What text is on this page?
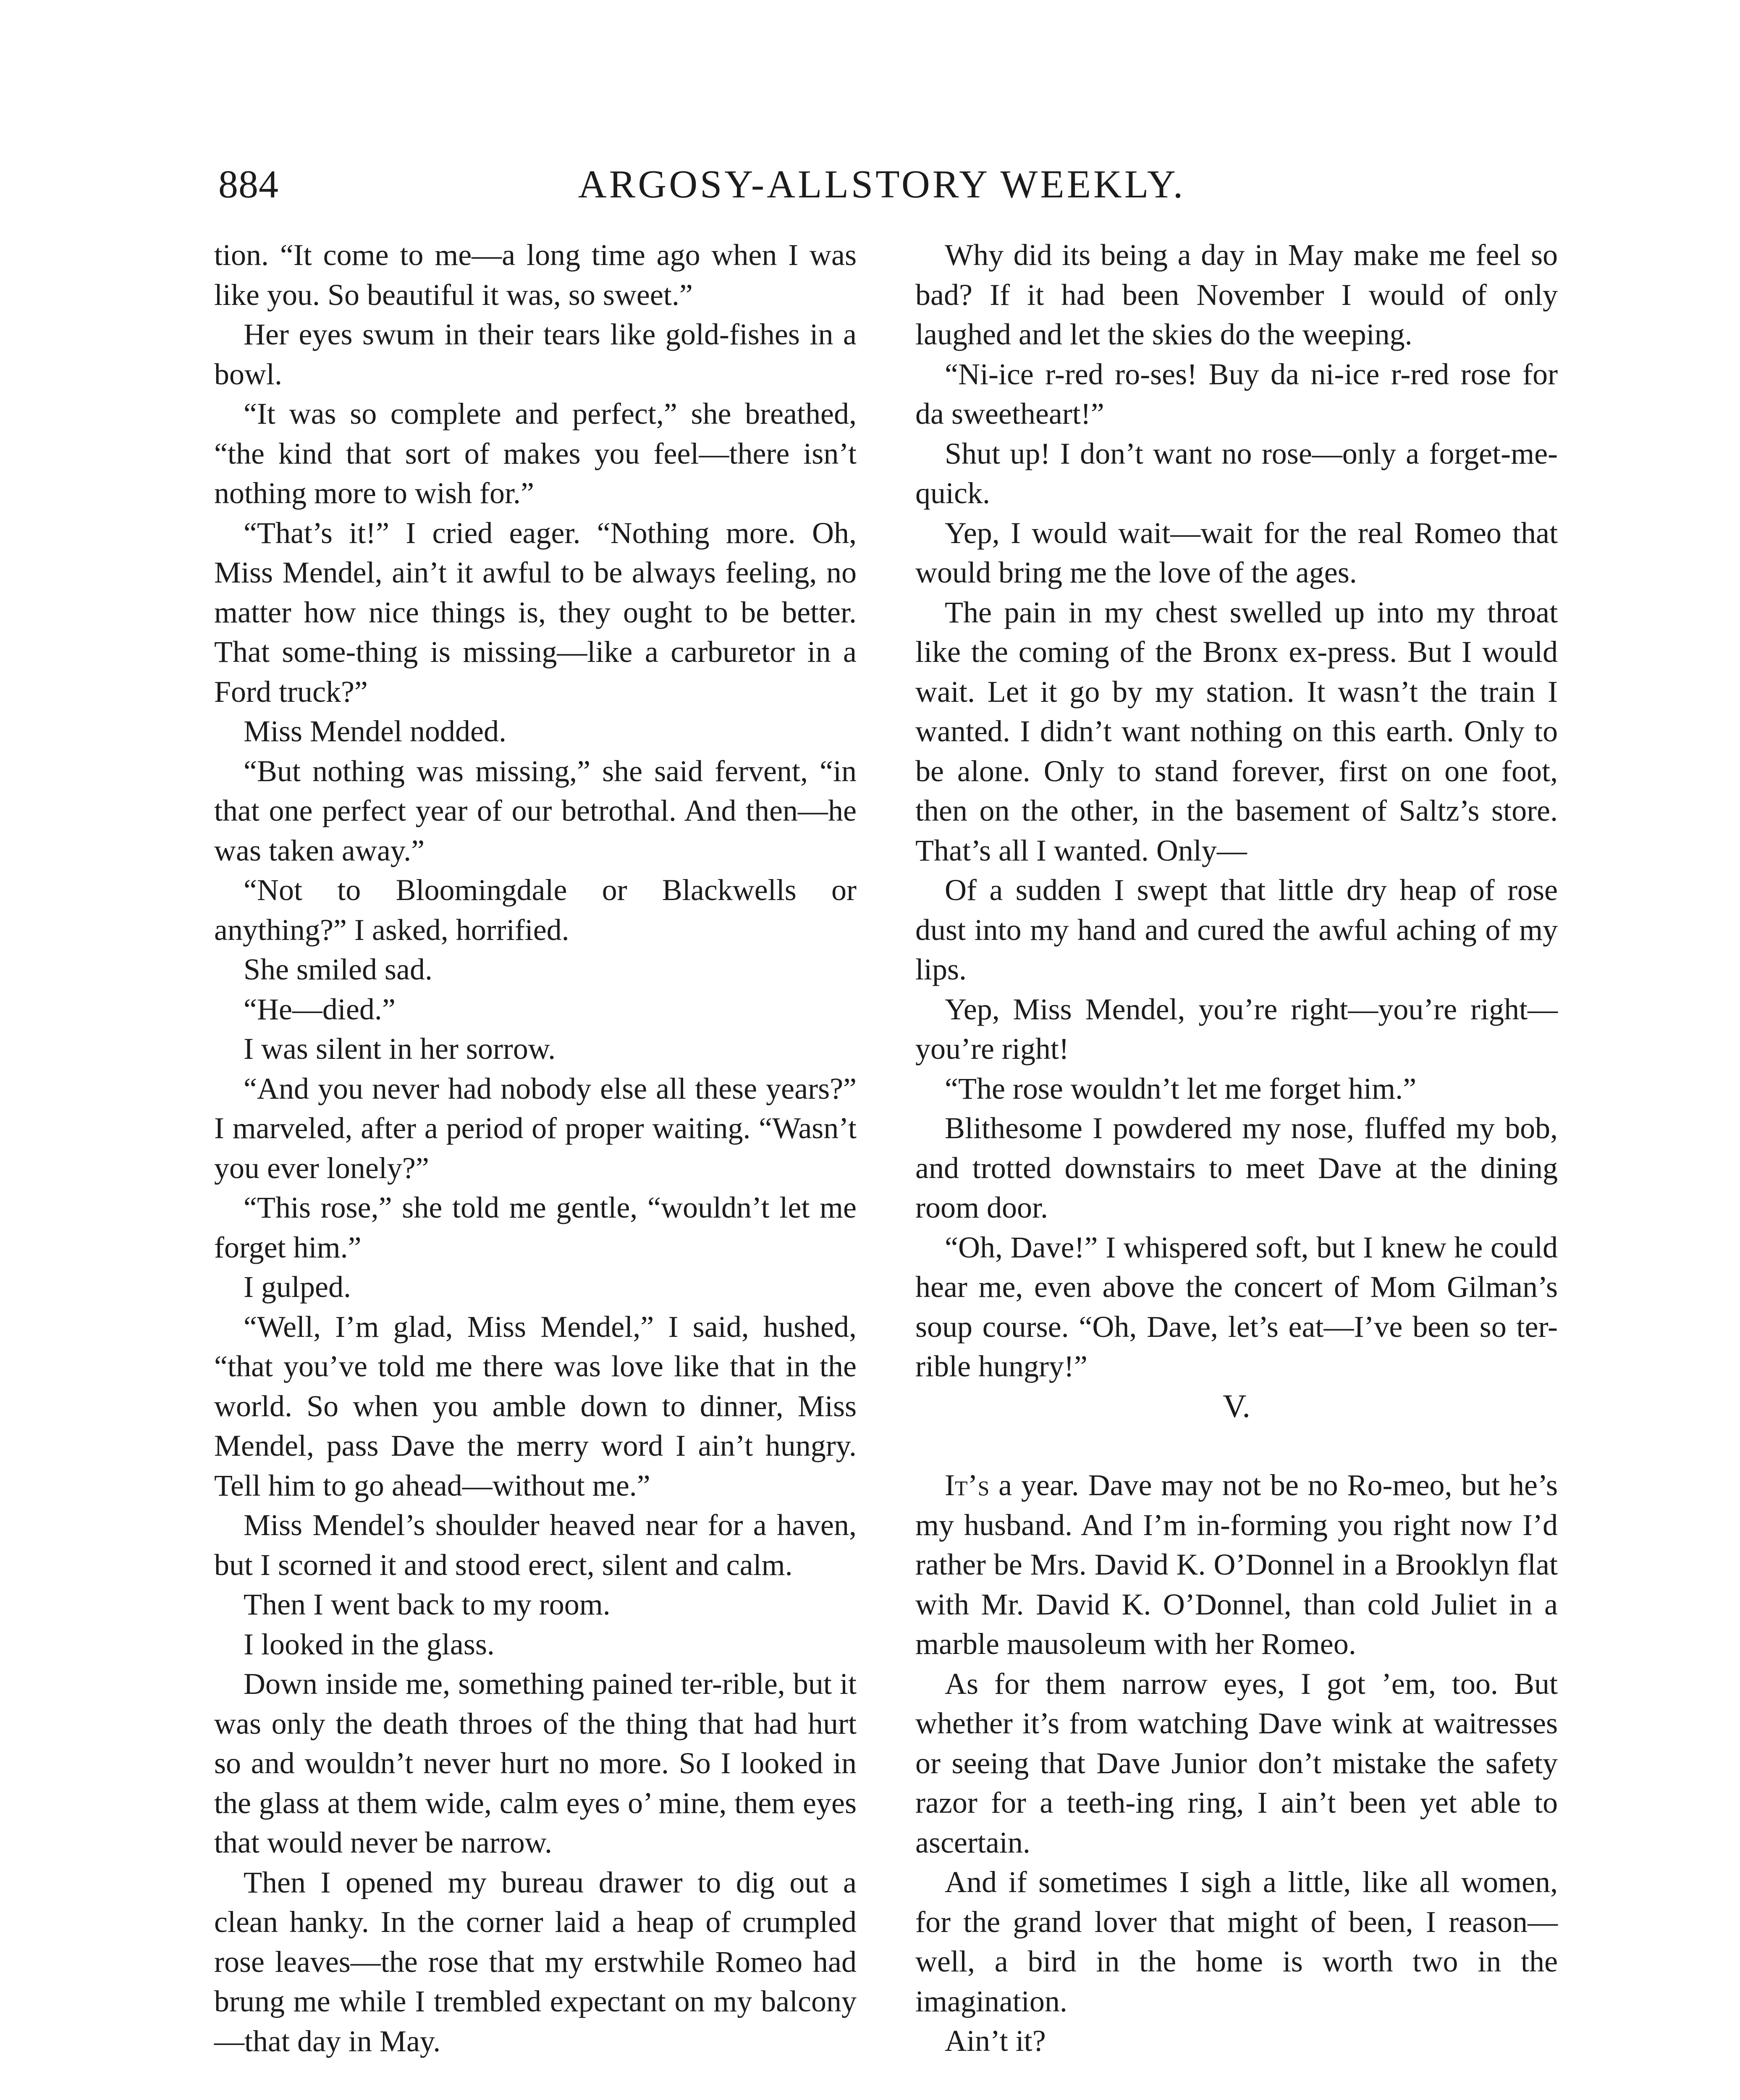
884	ARGOSY-ALLSTORY WEEKLY.

tion. “It come to me—a long time ago when I was like you. So beautiful it was, so sweet.”

Her eyes swum in their tears like gold-fishes in a bowl.

“It was so complete and perfect,” she breathed, “the kind that sort of makes you feel—there isn’t nothing more to wish for.”

“That’s it!” I cried eager. “Nothing more. Oh, Miss Mendel, ain’t it awful to be always feeling, no matter how nice things is, they ought to be better. That some-thing is missing—like a carburetor in a Ford truck?”

Miss Mendel nodded.

“But nothing was missing,” she said fervent, “in that one perfect year of our betrothal. And then—he was taken away.”

“Not to Bloomingdale or Blackwells or anything?” I asked, horrified.

She smiled sad.

“He—died.”

I was silent in her sorrow.

“And you never had nobody else all these years?” I marveled, after a period of proper waiting. “Wasn’t you ever lonely?”

“This rose,” she told me gentle, “wouldn’t let me forget him.”

I gulped.

“Well, I’m glad, Miss Mendel,” I said, hushed, “that you’ve told me there was love like that in the world. So when you amble down to dinner, Miss Mendel, pass Dave the merry word I ain’t hungry. Tell him to go ahead—without me.”

Miss Mendel’s shoulder heaved near for a haven, but I scorned it and stood erect, silent and calm.

Then I went back to my room.

I looked in the glass.

Down inside me, something pained ter-rible, but it was only the death throes of the thing that had hurt so and wouldn’t never hurt no more. So I looked in the glass at them wide, calm eyes o’ mine, them eyes that would never be narrow.

Then I opened my bureau drawer to dig out a clean hanky. In the corner laid a heap of crumpled rose leaves—the rose that my erstwhile Romeo had brung me while I trembled expectant on my balcony—that day in May.

Why did its being a day in May make me feel so bad? If it had been November I would of only laughed and let the skies do the weeping.

“Ni-ice r-red ro-ses! Buy da ni-ice r-red rose for da sweetheart!”

Shut up! I don’t want no rose—only a forget-me-quick.

Yep, I would wait—wait for the real Romeo that would bring me the love of the ages.

The pain in my chest swelled up into my throat like the coming of the Bronx ex-press. But I would wait. Let it go by my station. It wasn’t the train I wanted. I didn’t want nothing on this earth. Only to be alone. Only to stand forever, first on one foot, then on the other, in the basement of Saltz’s store. That’s all I wanted. Only—

Of a sudden I swept that little dry heap of rose dust into my hand and cured the awful aching of my lips.

Yep, Miss Mendel, you’re right—you’re right—you’re right!

“The rose wouldn’t let me forget him.”

Blithesome I powdered my nose, fluffed my bob, and trotted downstairs to meet Dave at the dining room door.

“Oh, Dave!” I whispered soft, but I knew he could hear me, even above the concert of Mom Gilman’s soup course. “Oh, Dave, let’s eat—I’ve been so ter-rible hungry!”

V.

It’s a year. Dave may not be no Ro-meo, but he’s my husband. And I’m in-forming you right now I’d rather be Mrs. David K. O’Donnel in a Brooklyn flat with Mr. David K. O’Donnel, than cold Juliet in a marble mausoleum with her Romeo.

As for them narrow eyes, I got ’em, too. But whether it’s from watching Dave wink at waitresses or seeing that Dave Junior don’t mistake the safety razor for a teeth-ing ring, I ain’t been yet able to ascertain.

And if sometimes I sigh a little, like all women, for the grand lover that might of been, I reason—well, a bird in the home is worth two in the imagination.

Ain’t it?
